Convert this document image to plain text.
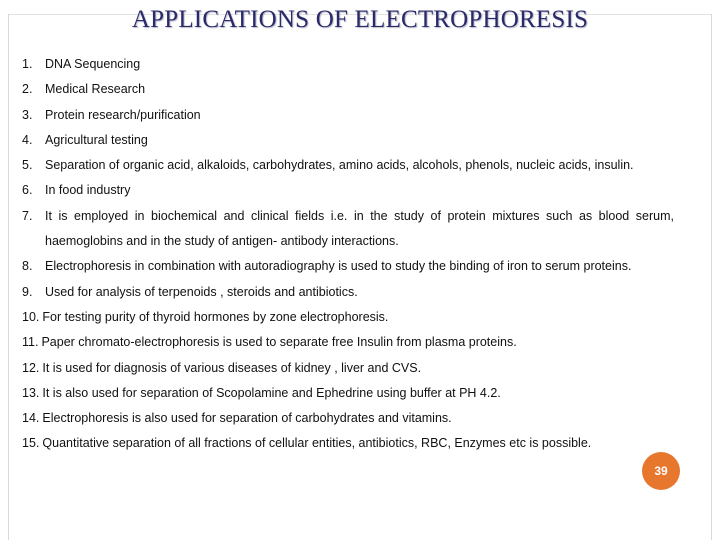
APPLICATIONS OF ELECTROPHORESIS
1. DNA Sequencing
2. Medical Research
3. Protein research/purification
4. Agricultural testing
5. Separation of organic acid, alkaloids, carbohydrates, amino acids, alcohols, phenols, nucleic acids, insulin.
6. In food industry
7. It is employed in biochemical and clinical fields i.e. in the study of protein mixtures such as blood serum, haemoglobins and in the study of antigen- antibody interactions.
8. Electrophoresis in combination with autoradiography is used to study the binding of iron to serum proteins.
9. Used for analysis of terpenoids , steroids and antibiotics.
10. For testing purity of thyroid hormones by zone electrophoresis.
11. Paper chromato-electrophoresis is used to separate free Insulin from plasma proteins.
12. It is used for diagnosis of various diseases of kidney , liver and CVS.
13. It is also used for separation of Scopolamine and Ephedrine using buffer at PH 4.2.
14. Electrophoresis is also used for separation of carbohydrates and vitamins.
15. Quantitative separation of all fractions of cellular entities, antibiotics, RBC, Enzymes etc is possible.
39
